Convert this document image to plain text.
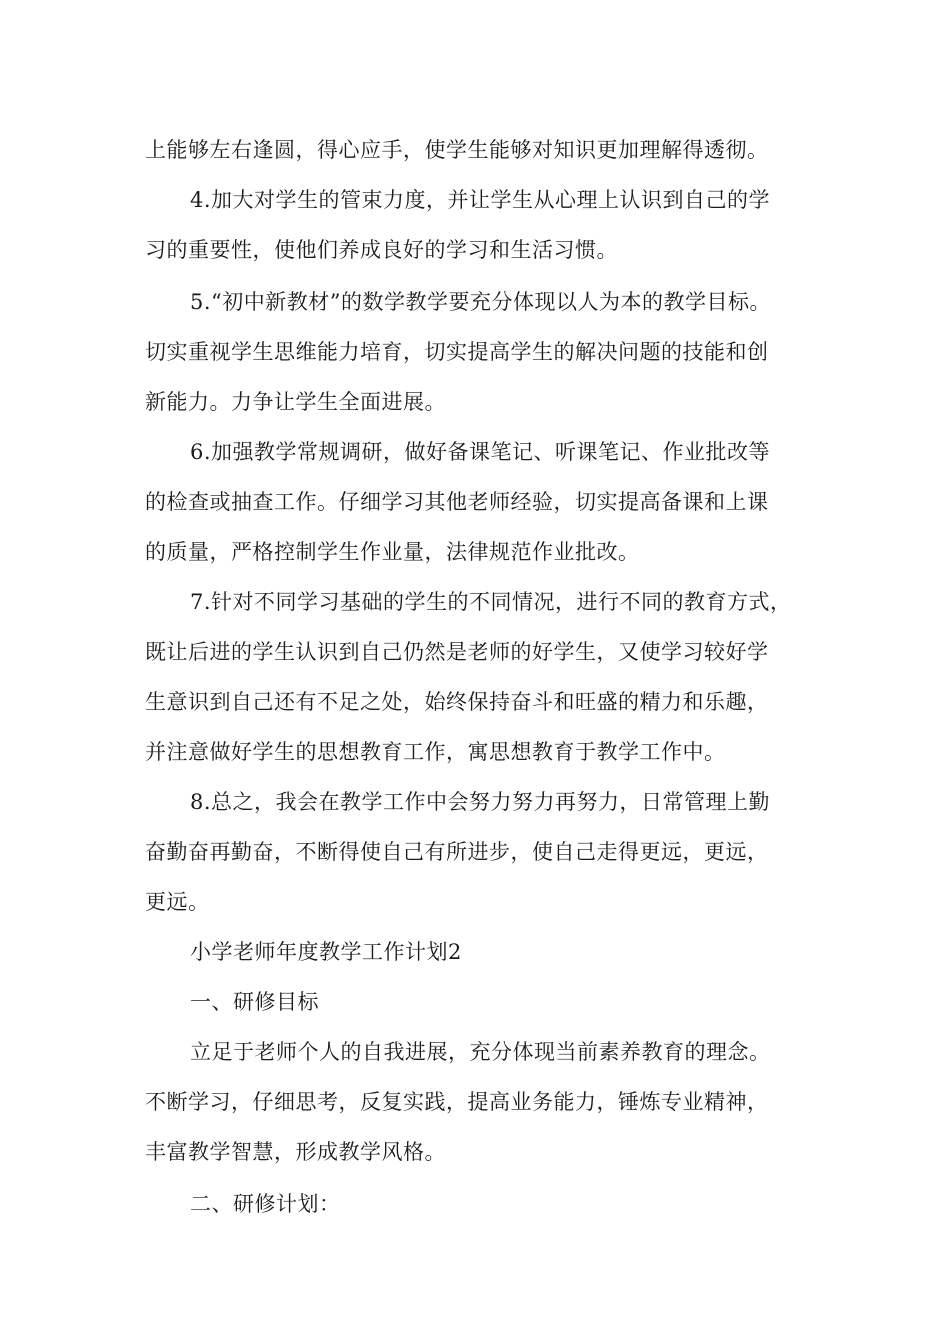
上能够左右逢圆，得心应手，使学生能够对知识更加理解得透彻。
4.加大对学生的管束力度，并让学生从心理上认识到自己的学
习的重要性，使他们养成良好的学习和生活习惯。
5.“初中新教材”的数学教学要充分体现以人为本的教学目标。
切实重视学生思维能力培育，切实提高学生的解决问题的技能和创
新能力。力争让学生全面进展。
6.加强教学常规调研，做好备课笔记、听课笔记、作业批改等
的检查或抽查工作。仔细学习其他老师经验，切实提高备课和上课
的质量，严格控制学生作业量，法律规范作业批改。
7.针对不同学习基础的学生的不同情况，进行不同的教育方式，
既让后进的学生认识到自己仍然是老师的好学生，又使学习较好学
生意识到自己还有不足之处，始终保持奋斗和旺盛的精力和乐趣，
并注意做好学生的思想教育工作，寓思想教育于教学工作中。
8.总之，我会在教学工作中会努力努力再努力，日常管理上勤
奋勤奋再勤奋，不断得使自己有所进步，使自己走得更远，更远，
更远。
小学老师年度教学工作计划2
一、研修目标
立足于老师个人的自我进展，充分体现当前素养教育的理念。
不断学习，仔细思考，反复实践，提高业务能力，锤炼专业精神，
丰富教学智慧，形成教学风格。
二、研修计划：
